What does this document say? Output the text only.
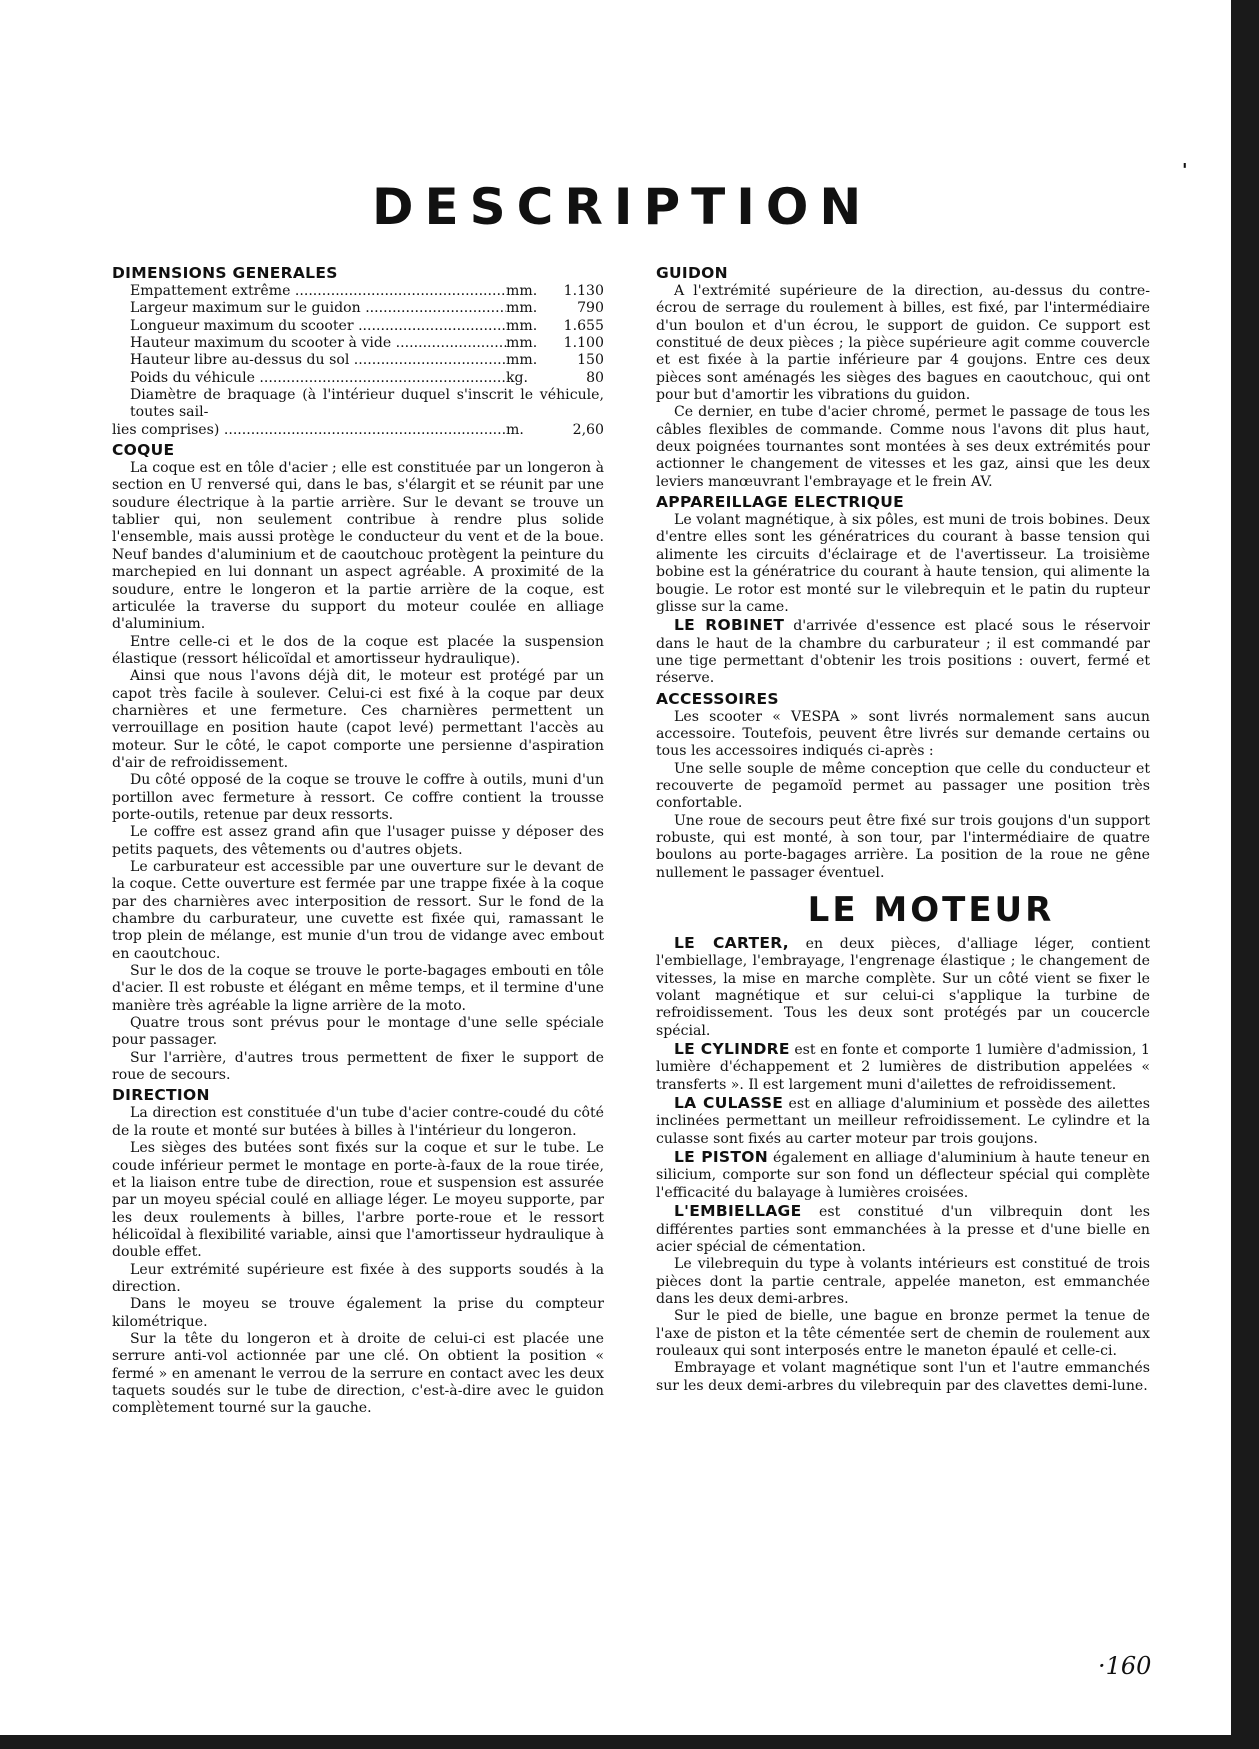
'
DESCRIPTION
DIMENSIONS GENERALES
Empattement extrême .....	mm.	1.130
Largeur maximum sur le guidon .....	mm.	790
Longueur maximum du scooter .....	mm.	1.655
Hauteur maximum du scooter à vide .....	mm.	1.100
Hauteur libre au-dessus du sol .....	mm.	150
Poids du véhicule .....	kg.	80
Diamètre de braquage (à l'intérieur duquel s'inscrit le véhicule, toutes sail-
lies comprises) .....	m.	2,60
COQUE

La coque est en tôle d'acier ; elle est constituée par un longeron à section en U renversé qui, dans le bas, s'élargit et se réunit par une soudure électrique à la partie arrière. Sur le devant se trouve un tablier qui, non seulement contribue à rendre plus solide l'ensemble, mais aussi protège le conducteur du vent et de la boue. Neuf bandes d'aluminium et de caoutchouc protègent la peinture du marchepied en lui donnant un aspect agréable. A proximité de la soudure, entre le longeron et la partie arrière de la coque, est articulée la traverse du support du moteur coulée en alliage d'aluminium.

Entre celle-ci et le dos de la coque est placée la suspension élastique (ressort hélicoïdal et amortisseur hydraulique).

Ainsi que nous l'avons déjà dit, le moteur est protégé par un capot très facile à soulever. Celui-ci est fixé à la coque par deux charnières et une fermeture. Ces charnières permettent un verrouillage en position haute (capot levé) permettant l'accès au moteur. Sur le côté, le capot comporte une persienne d'aspiration d'air de refroidissement.

Du côté opposé de la coque se trouve le coffre à outils, muni d'un portillon avec fermeture à ressort. Ce coffre contient la trousse porte-outils, retenue par deux ressorts.

Le coffre est assez grand afin que l'usager puisse y déposer des petits paquets, des vêtements ou d'autres objets.

Le carburateur est accessible par une ouverture sur le devant de la coque. Cette ouverture est fermée par une trappe fixée à la coque par des charnières avec interposition de ressort. Sur le fond de la chambre du carburateur, une cuvette est fixée qui, ramassant le trop plein de mélange, est munie d'un trou de vidange avec embout en caoutchouc.

Sur le dos de la coque se trouve le porte-bagages embouti en tôle d'acier. Il est robuste et élégant en même temps, et il termine d'une manière très agréable la ligne arrière de la moto.

Quatre trous sont prévus pour le montage d'une selle spéciale pour passager.

Sur l'arrière, d'autres trous permettent de fixer le support de roue de secours.

DIRECTION

La direction est constituée d'un tube d'acier contre-coudé du côté de la route et monté sur butées à billes à l'intérieur du longeron.

Les sièges des butées sont fixés sur la coque et sur le tube. Le coude inférieur permet le montage en porte-à-faux de la roue tirée, et la liaison entre tube de direction, roue et suspension est assurée par un moyeu spécial coulé en alliage léger. Le moyeu supporte, par les deux roulements à billes, l'arbre porte-roue et le ressort hélicoïdal à flexibilité variable, ainsi que l'amortisseur hydraulique à double effet.

Leur extrémité supérieure est fixée à des supports soudés à la direction.

Dans le moyeu se trouve également la prise du compteur kilométrique.

Sur la tête du longeron et à droite de celui-ci est placée une serrure anti-vol actionnée par une clé. On obtient la position « fermé » en amenant le verrou de la serrure en contact avec les deux taquets soudés sur le tube de direction, c'est-à-dire avec le guidon complètement tourné sur la gauche.

GUIDON

A l'extrémité supérieure de la direction, au-dessus du contre-écrou de serrage du roulement à billes, est fixé, par l'intermédiaire d'un boulon et d'un écrou, le support de guidon. Ce support est constitué de deux pièces ; la pièce supérieure agit comme couvercle et est fixée à la partie inférieure par 4 goujons. Entre ces deux pièces sont aménagés les sièges des bagues en caoutchouc, qui ont pour but d'amortir les vibrations du guidon.

Ce dernier, en tube d'acier chromé, permet le passage de tous les câbles flexibles de commande. Comme nous l'avons dit plus haut, deux poignées tournantes sont montées à ses deux extrémités pour actionner le changement de vitesses et les gaz, ainsi que les deux leviers manœuvrant l'embrayage et le frein AV.

APPAREILLAGE ELECTRIQUE

Le volant magnétique, à six pôles, est muni de trois bobines. Deux d'entre elles sont les génératrices du courant à basse tension qui alimente les circuits d'éclairage et de l'avertisseur. La troisième bobine est la génératrice du courant à haute tension, qui alimente la bougie. Le rotor est monté sur le vilebrequin et le patin du rupteur glisse sur la came.

LE ROBINET d'arrivée d'essence est placé sous le réservoir dans le haut de la chambre du carburateur ; il est commandé par une tige permettant d'obtenir les trois positions : ouvert, fermé et réserve.

ACCESSOIRES

Les scooter « VESPA » sont livrés normalement sans aucun accessoire. Toutefois, peuvent être livrés sur demande certains ou tous les accessoires indiqués ci-après :

Une selle souple de même conception que celle du conducteur et recouverte de pegamoïd permet au passager une position très confortable.

Une roue de secours peut être fixé sur trois goujons d'un support robuste, qui est monté, à son tour, par l'intermédiaire de quatre boulons au porte-bagages arrière. La position de la roue ne gêne nullement le passager éventuel.

LE MOTEUR

LE CARTER, en deux pièces, d'alliage léger, contient l'embiellage, l'embrayage, l'engrenage élastique ; le changement de vitesses, la mise en marche complète. Sur un côté vient se fixer le volant magnétique et sur celui-ci s'applique la turbine de refroidissement. Tous les deux sont protégés par un coucercle spécial.

LE CYLINDRE est en fonte et comporte 1 lumière d'admission, 1 lumière d'échappement et 2 lumières de distribution appelées « transferts ». Il est largement muni d'ailettes de refroidissement.

LA CULASSE est en alliage d'aluminium et possède des ailettes inclinées permettant un meilleur refroidissement. Le cylindre et la culasse sont fixés au carter moteur par trois goujons.

LE PISTON également en alliage d'aluminium à haute teneur en silicium, comporte sur son fond un déflecteur spécial qui complète l'efficacité du balayage à lumières croisées.

L'EMBIELLAGE est constitué d'un vilbrequin dont les différentes parties sont emmanchées à la presse et d'une bielle en acier spécial de cémentation.

Le vilebrequin du type à volants intérieurs est constitué de trois pièces dont la partie centrale, appelée maneton, est emmanchée dans les deux demi-arbres.

Sur le pied de bielle, une bague en bronze permet la tenue de l'axe de piston et la tête cémentée sert de chemin de roulement aux rouleaux qui sont interposés entre le maneton épaulé et celle-ci.

Embrayage et volant magnétique sont l'un et l'autre emmanchés sur les deux demi-arbres du vilebrequin par des clavettes demi-lune.

·160
